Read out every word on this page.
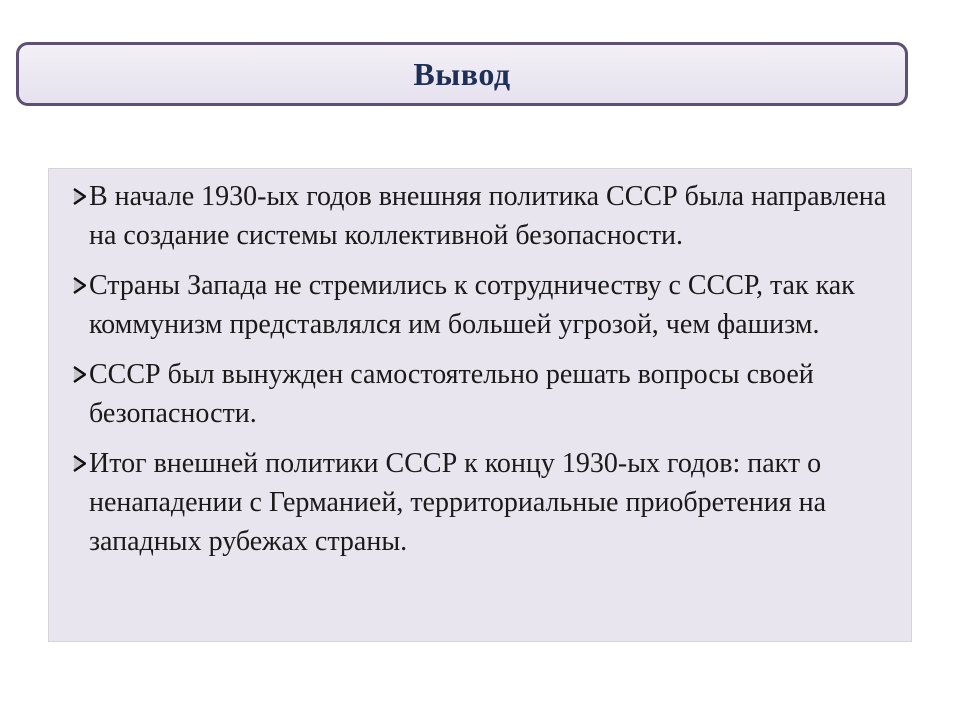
Вывод
В начале 1930-ых годов внешняя политика СССР была направлена на создание системы коллективной безопасности.
Страны Запада не стремились к сотрудничеству с СССР, так как коммунизм представлялся им большей угрозой, чем фашизм.
СССР был вынужден самостоятельно решать вопросы своей безопасности.
Итог внешней политики СССР к концу 1930-ых годов: пакт о ненападении с Германией, территориальные приобретения на западных рубежах страны.
